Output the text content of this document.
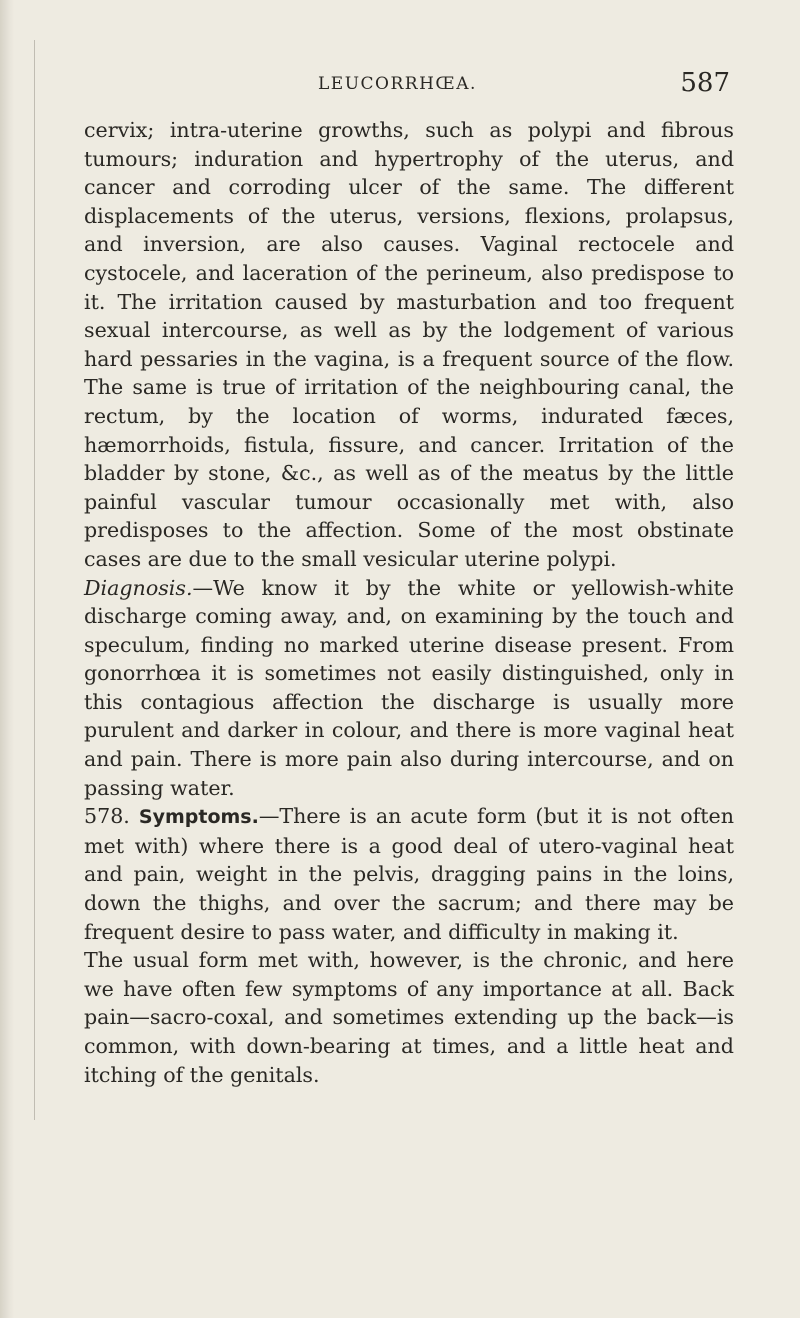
LEUCORRHŒA.	587

cervix; intra-uterine growths, such as polypi and fibrous tumours; induration and hypertrophy of the uterus, and cancer and corroding ulcer of the same. The different displacements of the uterus, versions, flexions, prolapsus, and inversion, are also causes. Vaginal rectocele and cystocele, and laceration of the perineum, also predispose to it. The irritation caused by masturbation and too frequent sexual intercourse, as well as by the lodgement of various hard pessaries in the vagina, is a frequent source of the flow. The same is true of irritation of the neighbouring canal, the rectum, by the location of worms, indurated fæces, hæmorrhoids, fistula, fissure, and cancer. Irritation of the bladder by stone, &c., as well as of the meatus by the little painful vascular tumour occasionally met with, also predisposes to the affection. Some of the most obstinate cases are due to the small vesicular uterine polypi.

Diagnosis.—We know it by the white or yellowish-white discharge coming away, and, on examining by the touch and speculum, finding no marked uterine disease present. From gonorrhœa it is sometimes not easily distinguished, only in this contagious affection the discharge is usually more purulent and darker in colour, and there is more vaginal heat and pain. There is more pain also during intercourse, and on passing water.

578. Symptoms.—There is an acute form (but it is not often met with) where there is a good deal of utero-vaginal heat and pain, weight in the pelvis, dragging pains in the loins, down the thighs, and over the sacrum; and there may be frequent desire to pass water, and difficulty in making it.

The usual form met with, however, is the chronic, and here we have often few symptoms of any importance at all. Back pain—sacro-coxal, and sometimes extending up the back—is common, with down-bearing at times, and a little heat and itching of the genitals.
